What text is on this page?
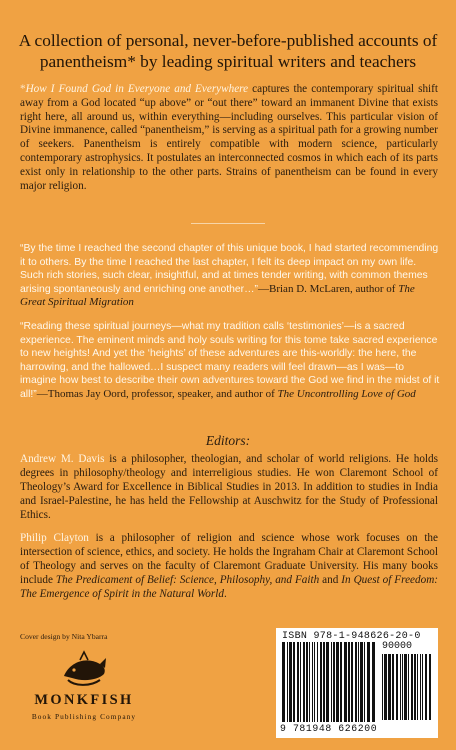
A collection of personal, never-before-published accounts of panentheism* by leading spiritual writers and teachers
*How I Found God in Everyone and Everywhere captures the contemporary spiritual shift away from a God located “up above” or “out there” toward an immanent Divine that exists right here, all around us, within everything—including ourselves. This particular vision of Divine immanence, called “panentheism,” is serving as a spiritual path for a growing number of seekers. Panentheism is entirely compatible with modern science, particularly contemporary astrophysics. It postulates an interconnected cosmos in which each of its parts exist only in relationship to the other parts. Strains of panentheism can be found in every major religion.
“By the time I reached the second chapter of this unique book, I had started recommending it to others. By the time I reached the last chapter, I felt its deep impact on my own life. Such rich stories, such clear, insightful, and at times tender writing, with common themes arising spontaneously and enriching one another…”—Brian D. McLaren, author of The Great Spiritual Migration
“Reading these spiritual journeys—what my tradition calls ‘testimonies’—is a sacred experience. The eminent minds and holy souls writing for this tome take sacred experience to new heights! And yet the ‘heights’ of these adventures are this-worldly: the here, the harrowing, and the hallowed…I suspect many readers will feel drawn—as I was—to imagine how best to describe their own adventures toward the God we find in the midst of it all!”—Thomas Jay Oord, professor, speaker, and author of The Uncontrolling Love of God
Editors:
Andrew M. Davis is a philosopher, theologian, and scholar of world religions. He holds degrees in philosophy/theology and interreligious studies. He won Claremont School of Theology’s Award for Excellence in Biblical Studies in 2013. In addition to studies in India and Israel-Palestine, he has held the Fellowship at Auschwitz for the Study of Professional Ethics.
Philip Clayton is a philosopher of religion and science whose work focuses on the intersection of science, ethics, and society. He holds the Ingraham Chair at Claremont School of Theology and serves on the faculty of Claremont Graduate University. His many books include The Predicament of Belief: Science, Philosophy, and Faith and In Quest of Freedom: The Emergence of Spirit in the Natural World.
Cover design by Nita Ybarra
MONKFISH
Book Publishing Company
ISBN 978-1-948626-20-0
90000
9 781948 626200
